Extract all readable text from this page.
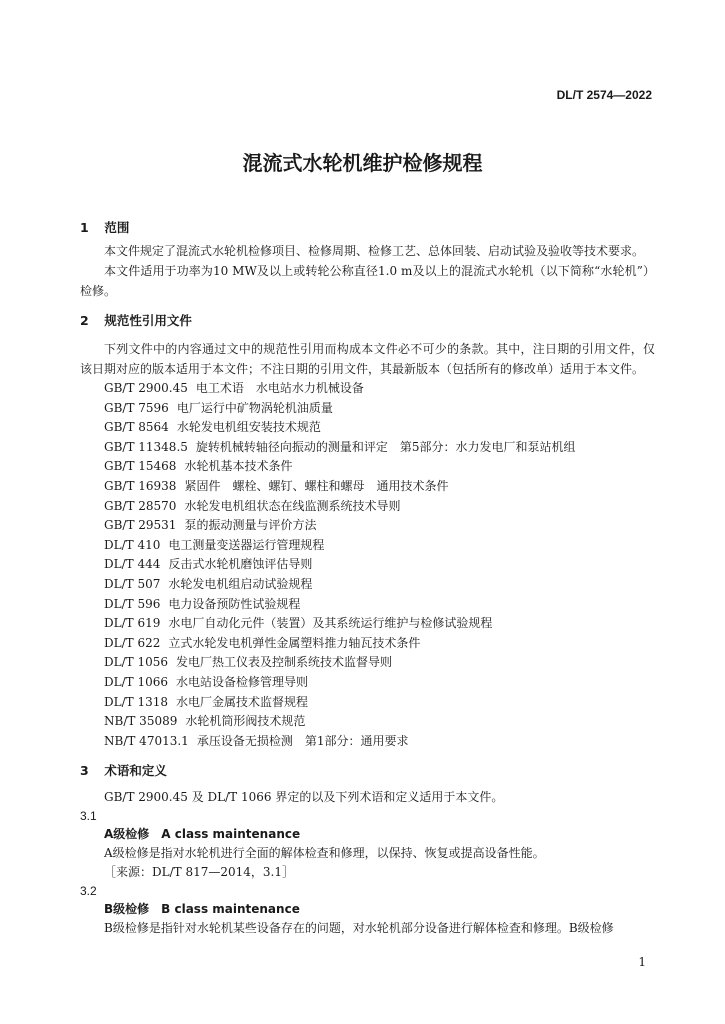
DL/T 2574—2022
混流式水轮机维护检修规程
1 范围

本文件规定了混流式水轮机检修项目、检修周期、检修工艺、总体回装、启动试验及验收等技术要求。

本文件适用于功率为10 MW及以上或转轮公称直径1.0 m及以上的混流式水轮机（以下简称“水轮机”）检修。

2 规范性引用文件

下列文件中的内容通过文中的规范性引用而构成本文件必不可少的条款。其中，注日期的引用文件，仅该日期对应的版本适用于本文件；不注日期的引用文件，其最新版本（包括所有的修改单）适用于本文件。

GB/T 2900.45 电工术语　水电站水力机械设备
GB/T 7596 电厂运行中矿物涡轮机油质量
GB/T 8564 水轮发电机组安装技术规范
GB/T 11348.5 旋转机械转轴径向振动的测量和评定　第5部分：水力发电厂和泵站机组
GB/T 15468 水轮机基本技术条件
GB/T 16938 紧固件　螺栓、螺钉、螺柱和螺母　通用技术条件
GB/T 28570 水轮发电机组状态在线监测系统技术导则
GB/T 29531 泵的振动测量与评价方法
DL/T 410 电工测量变送器运行管理规程
DL/T 444 反击式水轮机磨蚀评估导则
DL/T 507 水轮发电机组启动试验规程
DL/T 596 电力设备预防性试验规程
DL/T 619 水电厂自动化元件（装置）及其系统运行维护与检修试验规程
DL/T 622 立式水轮发电机弹性金属塑料推力轴瓦技术条件
DL/T 1056 发电厂热工仪表及控制系统技术监督导则
DL/T 1066 水电站设备检修管理导则
DL/T 1318 水电厂金属技术监督规程
NB/T 35089 水轮机筒形阀技术规范
NB/T 47013.1 承压设备无损检测　第1部分：通用要求
3 术语和定义

GB/T 2900.45 及 DL/T 1066 界定的以及下列术语和定义适用于本文件。

3.1
A级检修　A class maintenance

A级检修是指对水轮机进行全面的解体检查和修理，以保持、恢复或提高设备性能。

［来源：DL/T 817—2014，3.1］

3.2
B级检修　B class maintenance

B级检修是指针对水轮机某些设备存在的问题，对水轮机部分设备进行解体检查和修理。B级检修

1
